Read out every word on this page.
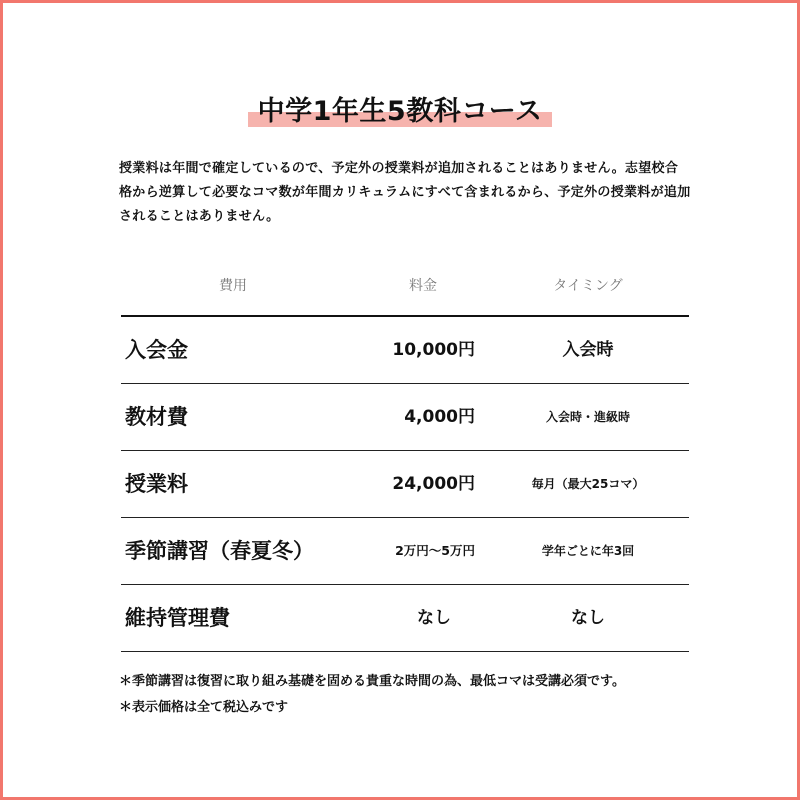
中学1年生5教科コース
授業料は年間で確定しているので、予定外の授業料が追加されることはありません。志望校合格から逆算して必要なコマ数が年間カリキュラムにすべて含まれるから、予定外の授業料が追加されることはありません。
費用	料金	タイミング
入会金	10,000円	入会時
教材費	4,000円	入会時・進級時
授業料	24,000円	毎月（最大25コマ）
季節講習（春夏冬）	2万円〜5万円	学年ごとに年3回
維持管理費	なし	なし

＊季節講習は復習に取り組み基礎を固める貴重な時間の為、最低コマは受講必須です。

＊表示価格は全て税込みです
